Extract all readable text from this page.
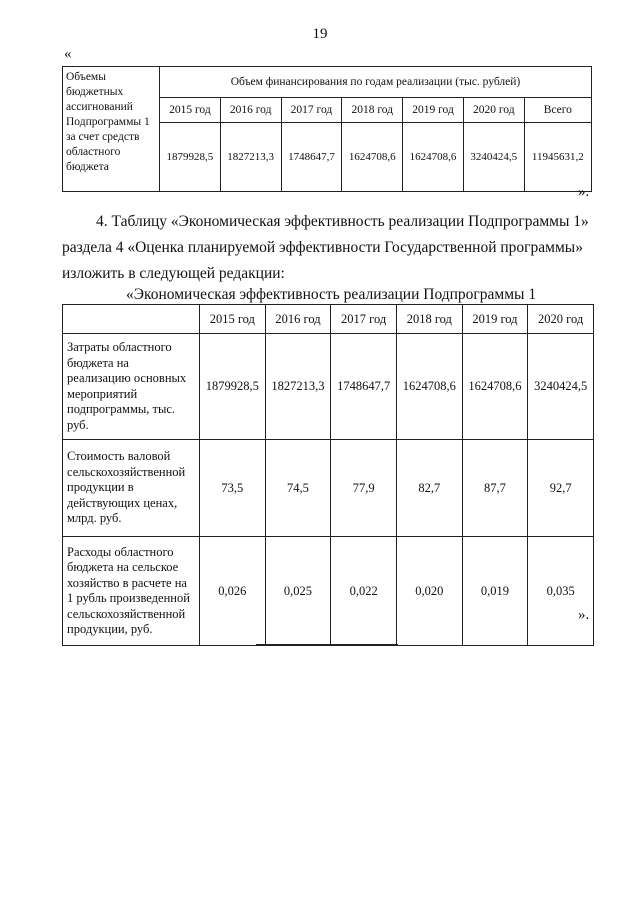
19
«
Объемы бюджетных ассигнований Подпрограммы 1 за счет средств областного бюджета	Объем финансирования по годам реализации (тыс. рублей)						
	2015 год	2016 год	2017 год	2018 год	2019 год	2020 год	Всего
	1879928,5	1827213,3	1748647,7	1624708,6	1624708,6	3240424,5	11945631,2
».
4. Таблицу «Экономическая эффективность реализации Подпрограммы 1»
раздела 4 «Оценка планируемой эффективности Государственной программы»
изложить в следующей редакции:
«Экономическая эффективность реализации Подпрограммы 1
	2015 год	2016 год	2017 год	2018 год	2019 год	2020 год
Затраты областного бюджета на реализацию основных мероприятий подпрограммы, тыс. руб.	1879928,5	1827213,3	1748647,7	1624708,6	1624708,6	3240424,5
Стоимость валовой сельскохозяйственной продукции в действующих ценах, млрд. руб.	73,5	74,5	77,9	82,7	87,7	92,7
Расходы областного бюджета на сельское хозяйство в расчете на 1 рубль произведенной сельскохозяйственной продукции, руб.	0,026	0,025	0,022	0,020	0,019	0,035
».
